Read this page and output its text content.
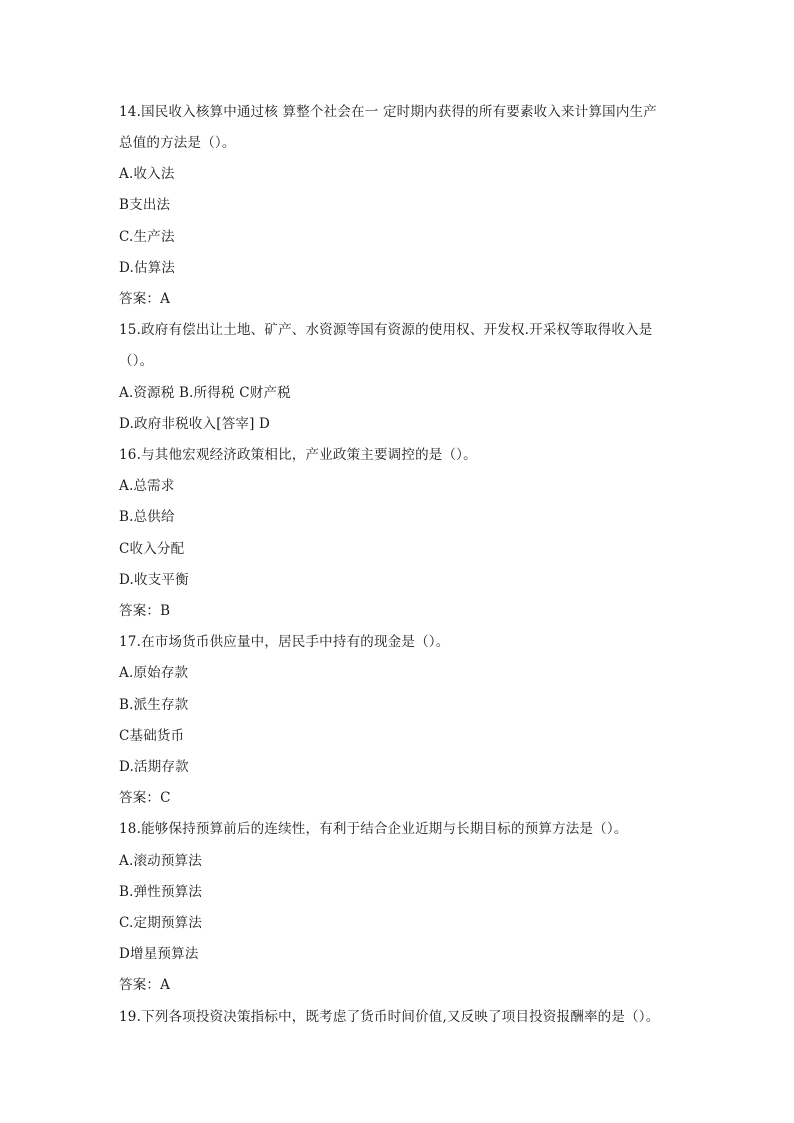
14.国民收入核算中通过核 算整个社会在一 定时期内获得的所有要素收入来计算国内生产
总值的方法是（）。
A.收入法
B支出法
C.生产法
D.估算法
答案：A
15.政府有偿出让土地、矿产、水资源等国有资源的使用权、开发权.开采权等取得收入是
（）。
A.资源税 B.所得税 C财产税
D.政府非税收入[答宰] D
16.与其他宏观经济政策相比，产业政策主要调控的是（）。
A.总需求
B.总供给
C收入分配
D.收支平衡
答案：B
17.在市场货币供应量中，居民手中持有的现金是（）。
A.原始存款
B.派生存款
C基础货币
D.活期存款
答案：C
18.能够保持预算前后的连续性，有利于结合企业近期与长期目标的预算方法是（）。
A.滚动预算法
B.弹性预算法
C.定期预算法
D增星预算法
答案：A
19.下列各项投资决策指标中，既考虑了货币时间价值,又反映了项目投资报酬率的是（）。
